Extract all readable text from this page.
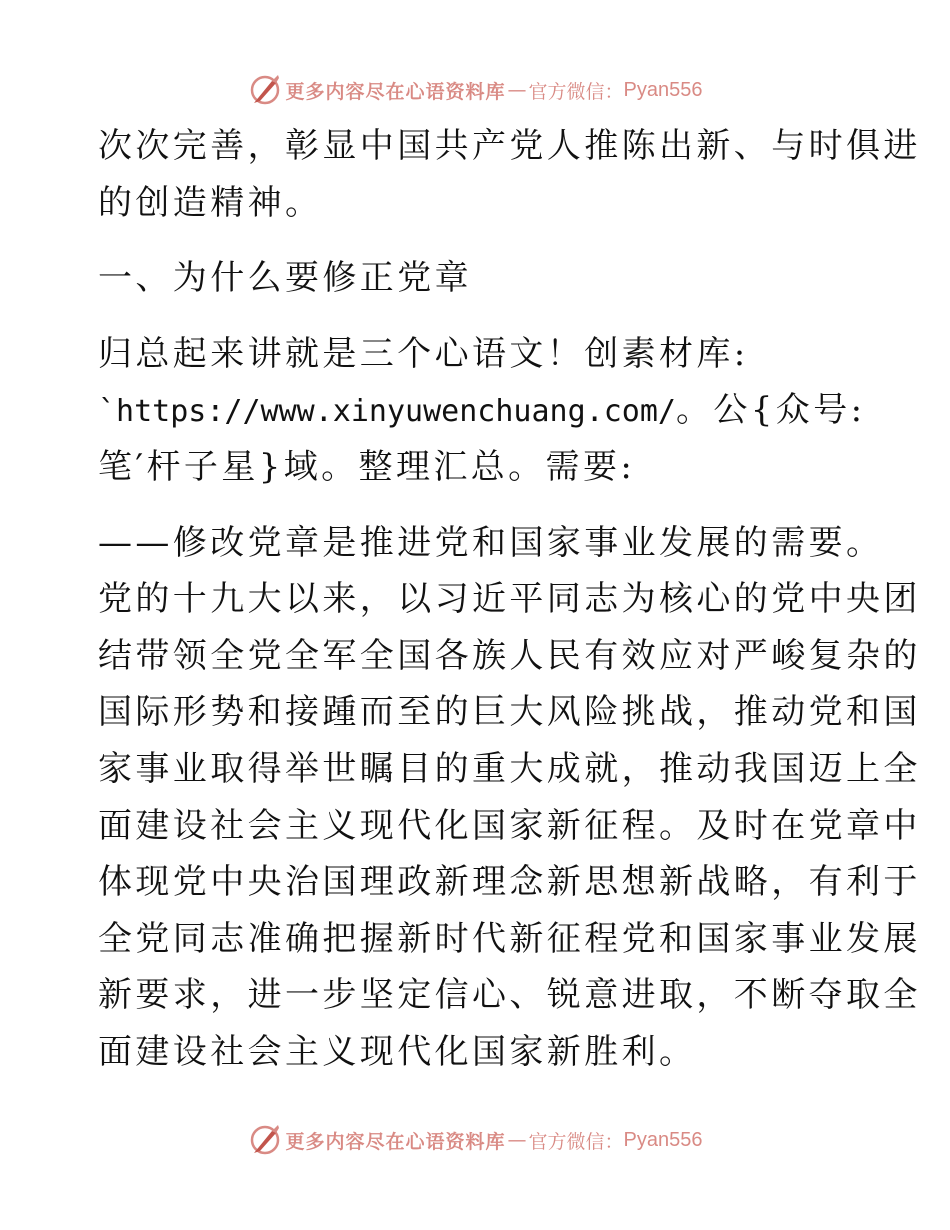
更多内容尽在心语资料库 — 官方微信： Pyan556
次次完善，彰显中国共产党人推陈出新、与时俱进
的创造精神。
一、为什么要修正党章
归总起来讲就是三个心语文！创素材库:
`https://www.xinyuwenchuang.com/。公{众号:
笔′杆子星}域。整理汇总。需要:
——修改党章是推进党和国家事业发展的需要。
党的十九大以来，以习近平同志为核心的党中央团
结带领全党全军全国各族人民有效应对严峻复杂的
国际形势和接踵而至的巨大风险挑战，推动党和国
家事业取得举世瞩目的重大成就，推动我国迈上全
面建设社会主义现代化国家新征程。及时在党章中
体现党中央治国理政新理念新思想新战略，有利于
全党同志准确把握新时代新征程党和国家事业发展
新要求，进一步坚定信心、锐意进取，不断夺取全
面建设社会主义现代化国家新胜利。
更多内容尽在心语资料库 — 官方微信： Pyan556
